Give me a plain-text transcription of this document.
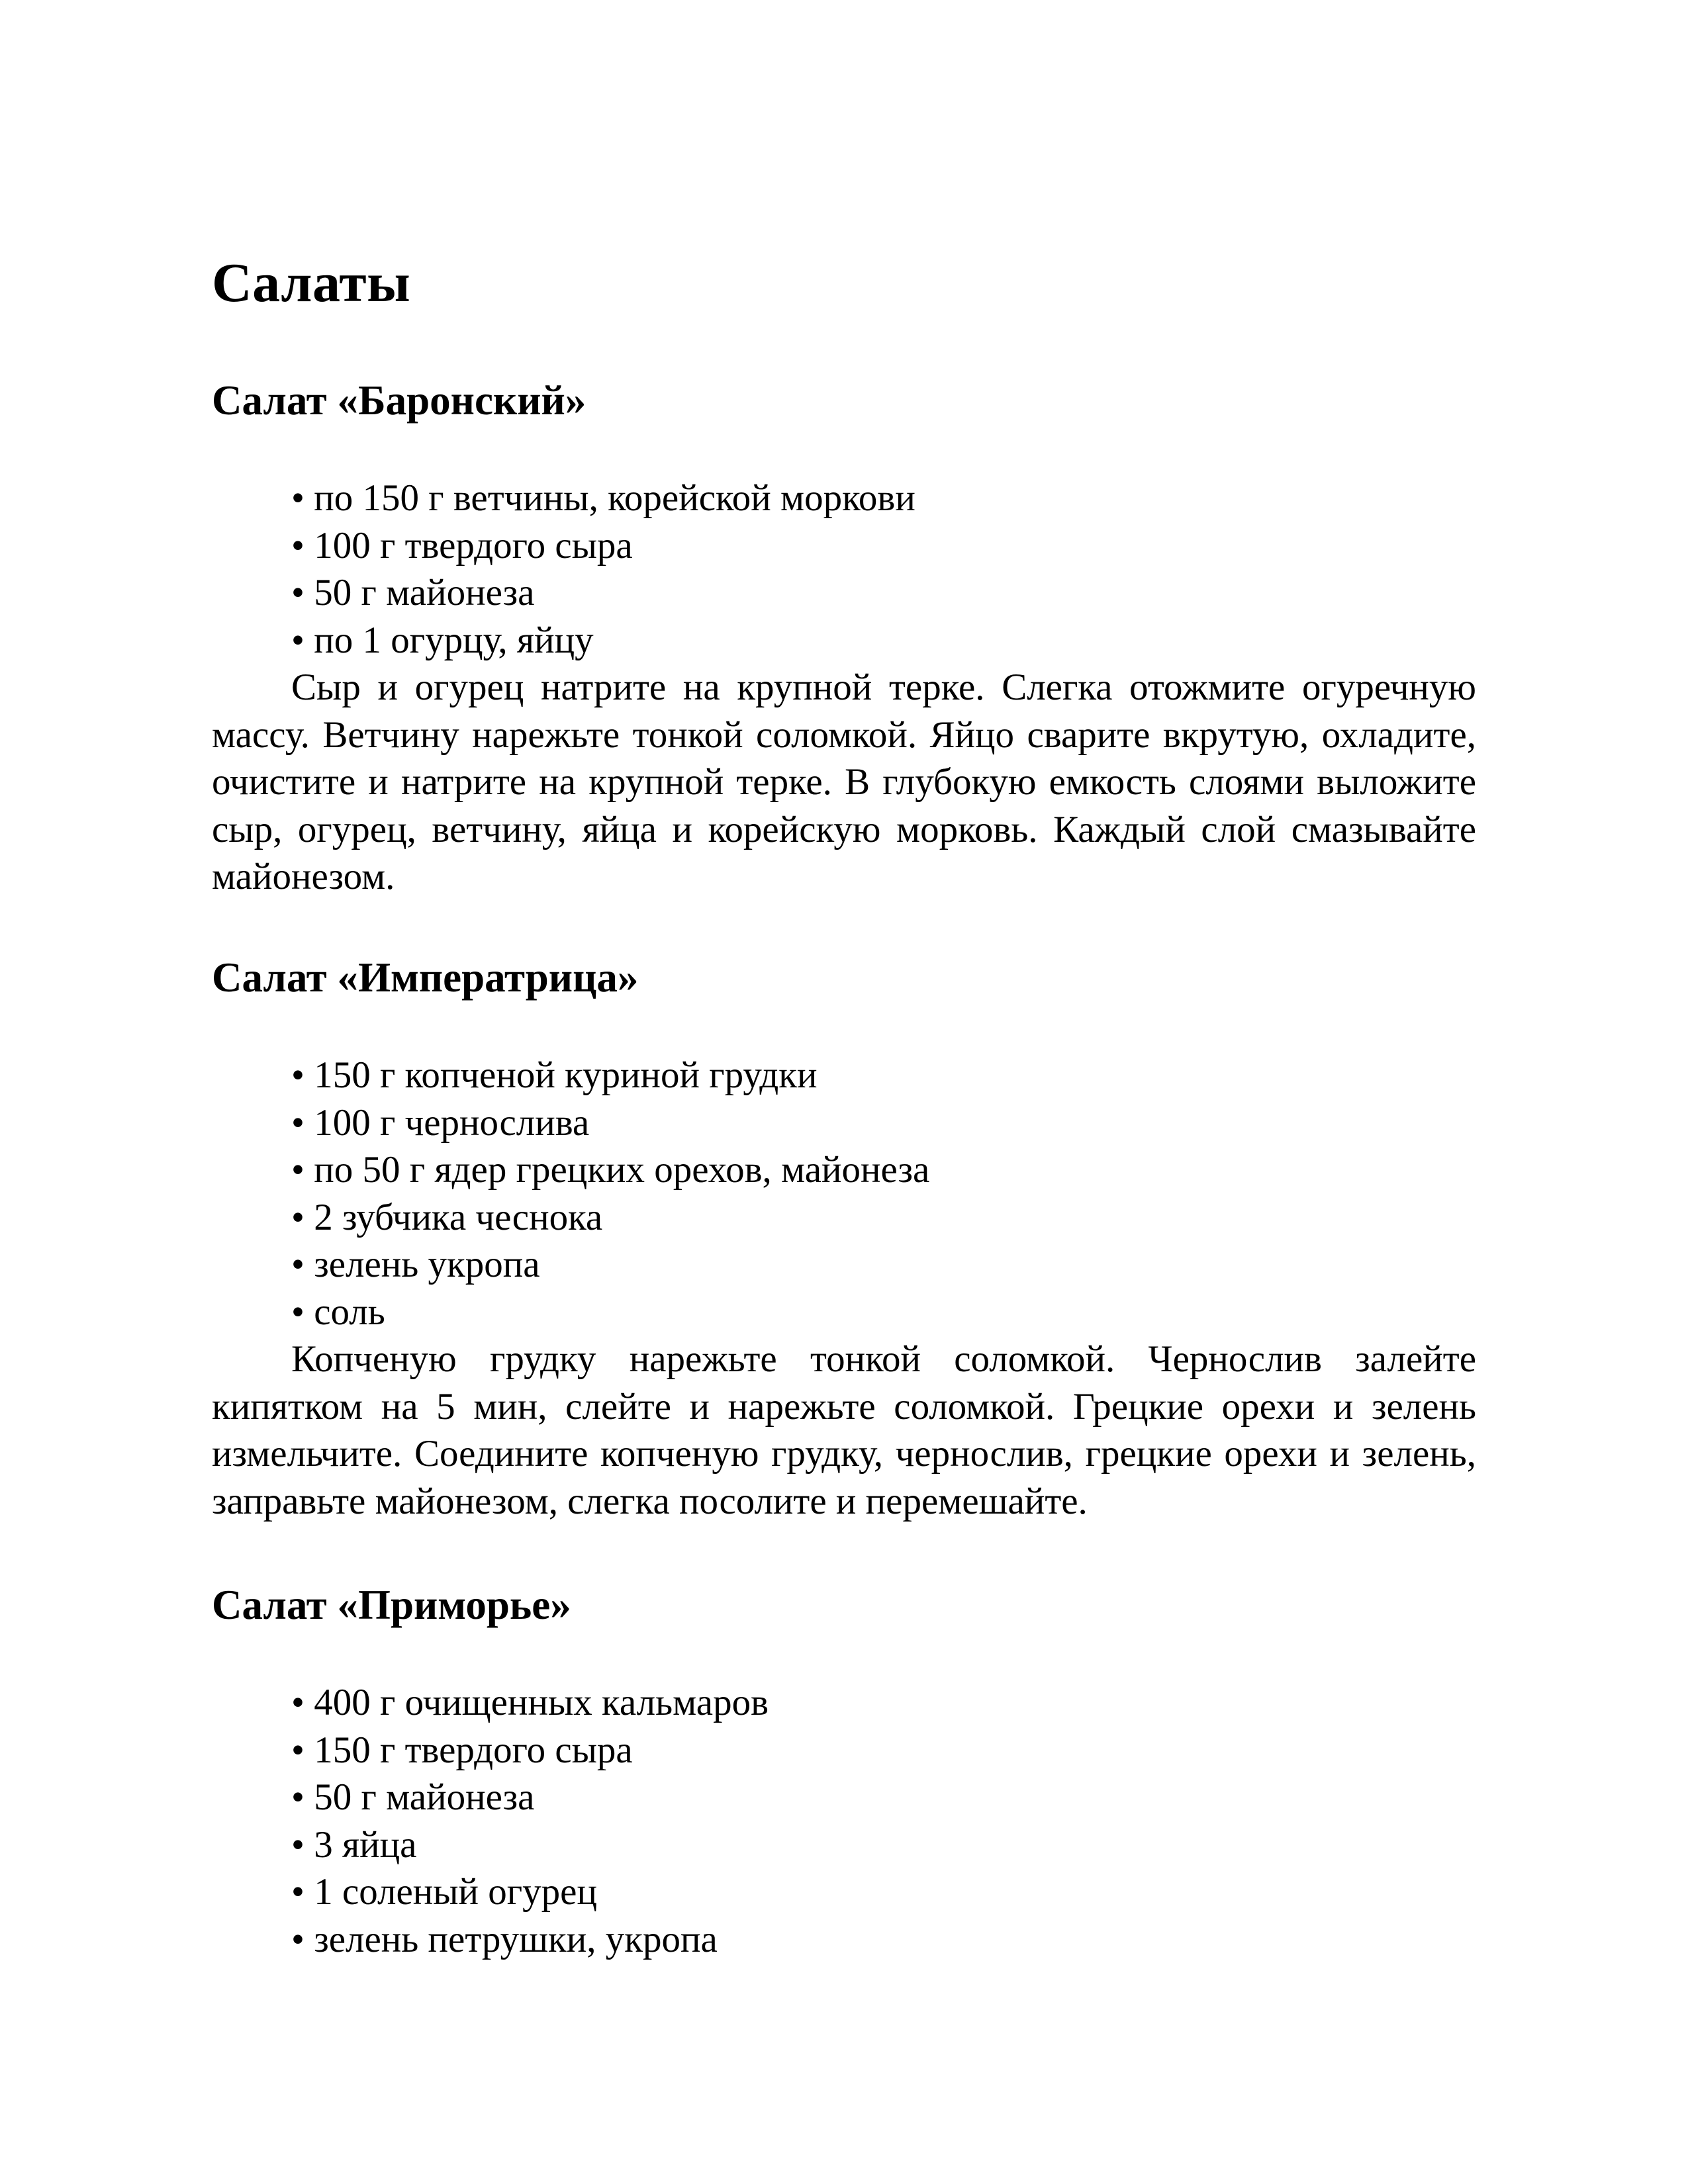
Салаты
Салат «Баронский»
• по 150 г ветчины, корейской моркови
• 100 г твердого сыра
• 50 г майонеза
• по 1 огурцу, яйцу

Сыр и огурец натрите на крупной терке. Слегка отожмите огуречную массу. Ветчину нарежьте тонкой соломкой. Яйцо сварите вкрутую, охладите, очистите и натрите на крупной терке. В глубокую емкость слоями выложите сыр, огурец, ветчину, яйца и корейскую морковь. Каждый слой смазывайте майонезом.

Салат «Императрица»
• 150 г копченой куриной грудки
• 100 г чернослива
• по 50 г ядер грецких орехов, майонеза
• 2 зубчика чеснока
• зелень укропа
• соль

Копченую грудку нарежьте тонкой соломкой. Чернослив залейте кипятком на 5 мин, слейте и нарежьте соломкой. Грецкие орехи и зелень измельчите. Соедините копченую грудку, чернослив, грецкие орехи и зелень, заправьте майонезом, слегка посолите и перемешайте.

Салат «Приморье»
• 400 г очищенных кальмаров
• 150 г твердого сыра
• 50 г майонеза
• 3 яйца
• 1 соленый огурец
• зелень петрушки, укропа
